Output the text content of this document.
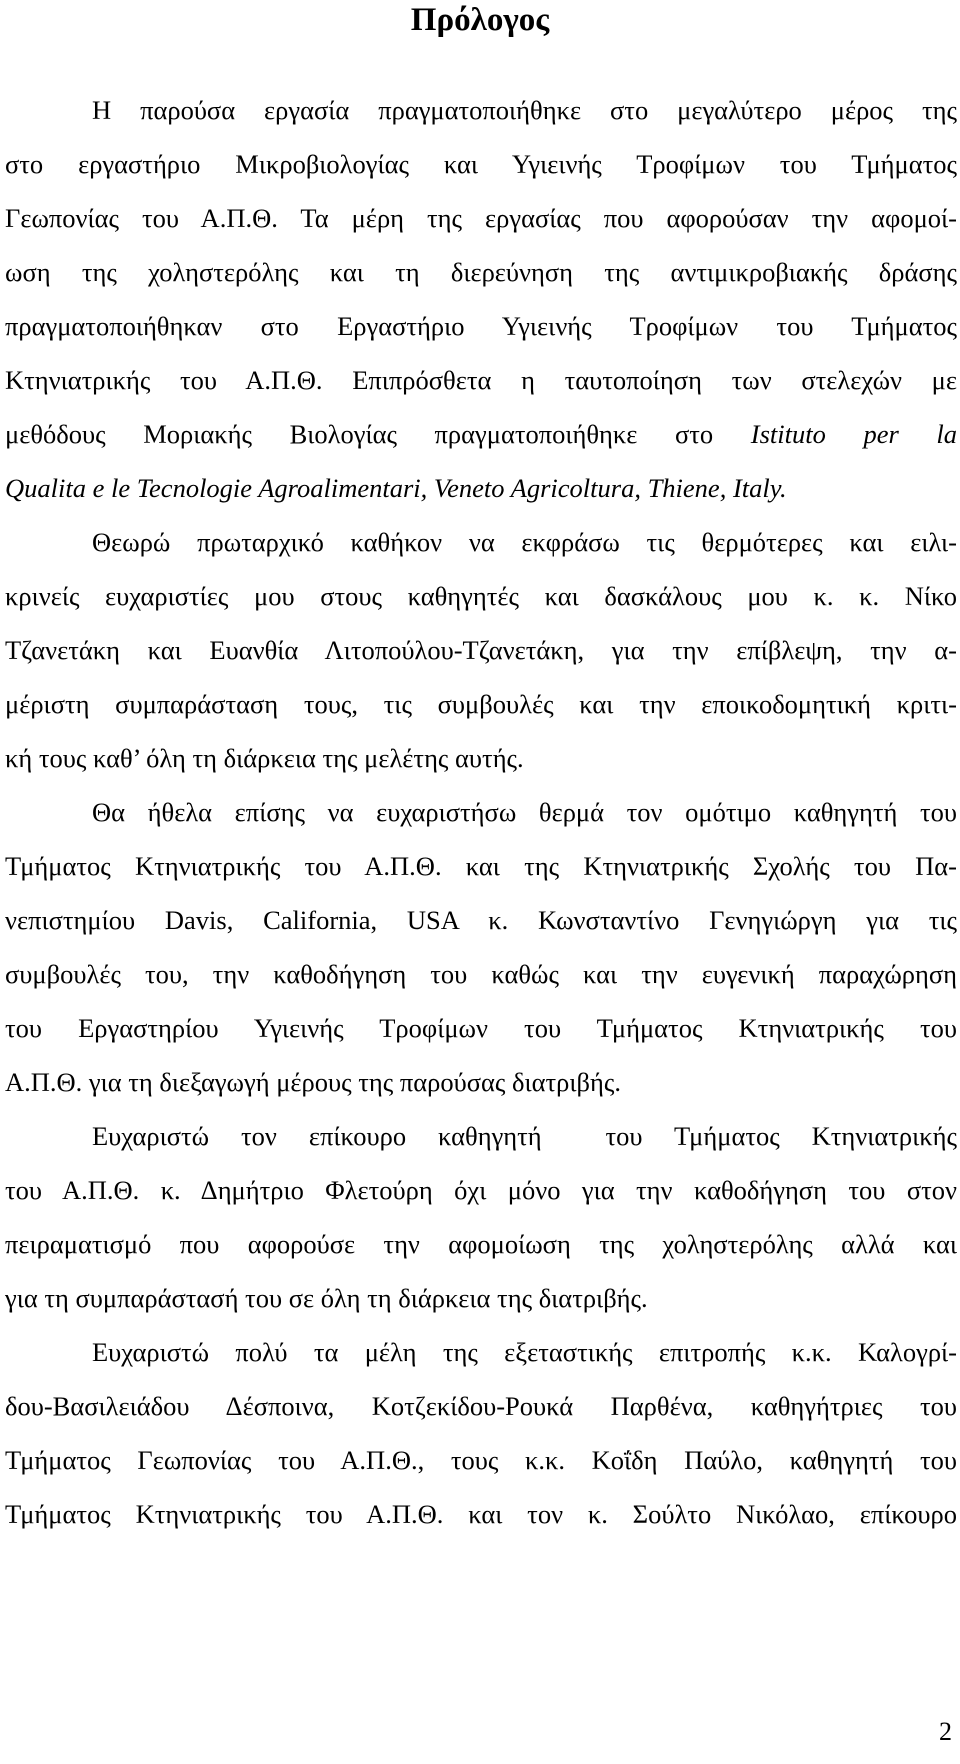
Πρόλογος

Η παρούσα εργασία πραγματοποιήθηκε στο μεγαλύτερο μέρος της

στο εργαστήριο Μικροβιολογίας και Υγιεινής Τροφίμων του Τμήματος

Γεωπονίας του Α.Π.Θ. Τα μέρη της εργασίας που αφορούσαν την αφομοί-

ωση της χοληστερόλης και τη διερεύνηση της αντιμικροβιακής δράσης

πραγματοποιήθηκαν στο Εργαστήριο Υγιεινής Τροφίμων του Τμήματος

Κτηνιατρικής του Α.Π.Θ. Επιπρόσθετα η ταυτοποίηση των στελεχών με

μεθόδους Μοριακής Βιολογίας πραγματοποιήθηκε στο Istituto per la

Qualita e le Tecnologie Agroalimentari, Veneto Agricoltura, Thiene, Italy.

Θεωρώ πρωταρχικό καθήκον να εκφράσω τις θερμότερες και ειλι-

κρινείς ευχαριστίες μου στους καθηγητές και δασκάλους μου κ. κ. Νίκο

Τζανετάκη και Ευανθία Λιτοπούλου-Τζανετάκη, για την επίβλεψη, την α-

μέριστη συμπαράσταση τους, τις συμβουλές και την εποικοδομητική κριτι-

κή τους καθ’ όλη τη διάρκεια της μελέτης αυτής.

Θα ήθελα επίσης να ευχαριστήσω θερμά τον ομότιμο καθηγητή του

Τμήματος Κτηνιατρικής του Α.Π.Θ. και της Κτηνιατρικής Σχολής του Πα-

νεπιστημίου Davis, California, USA κ. Κωνσταντίνο Γενηγιώργη για τις

συμβουλές του, την καθοδήγηση του καθώς και την ευγενική παραχώρηση

του Εργαστηρίου Υγιεινής Τροφίμων του Τμήματος Κτηνιατρικής του

Α.Π.Θ. για τη διεξαγωγή μέρους της παρούσας διατριβής.

Ευχαριστώ τον επίκουρο καθηγητή  του Τμήματος Κτηνιατρικής

του Α.Π.Θ. κ. Δημήτριο Φλετούρη όχι μόνο για την καθοδήγηση του στον

πειραματισμό που αφορούσε την αφομοίωση της χοληστερόλης αλλά και

για τη συμπαράστασή του σε όλη τη διάρκεια της διατριβής.

Ευχαριστώ πολύ τα μέλη της εξεταστικής επιτροπής κ.κ. Καλογρί-

δου-Βασιλειάδου Δέσποινα, Κοτζεκίδου-Ρουκά Παρθένα, καθηγήτριες του

Τμήματος Γεωπονίας του Α.Π.Θ., τους κ.κ. Κοΐδη Παύλο, καθηγητή του

Τμήματος Κτηνιατρικής του Α.Π.Θ. και τον κ. Σούλτο Νικόλαο, επίκουρο

2
